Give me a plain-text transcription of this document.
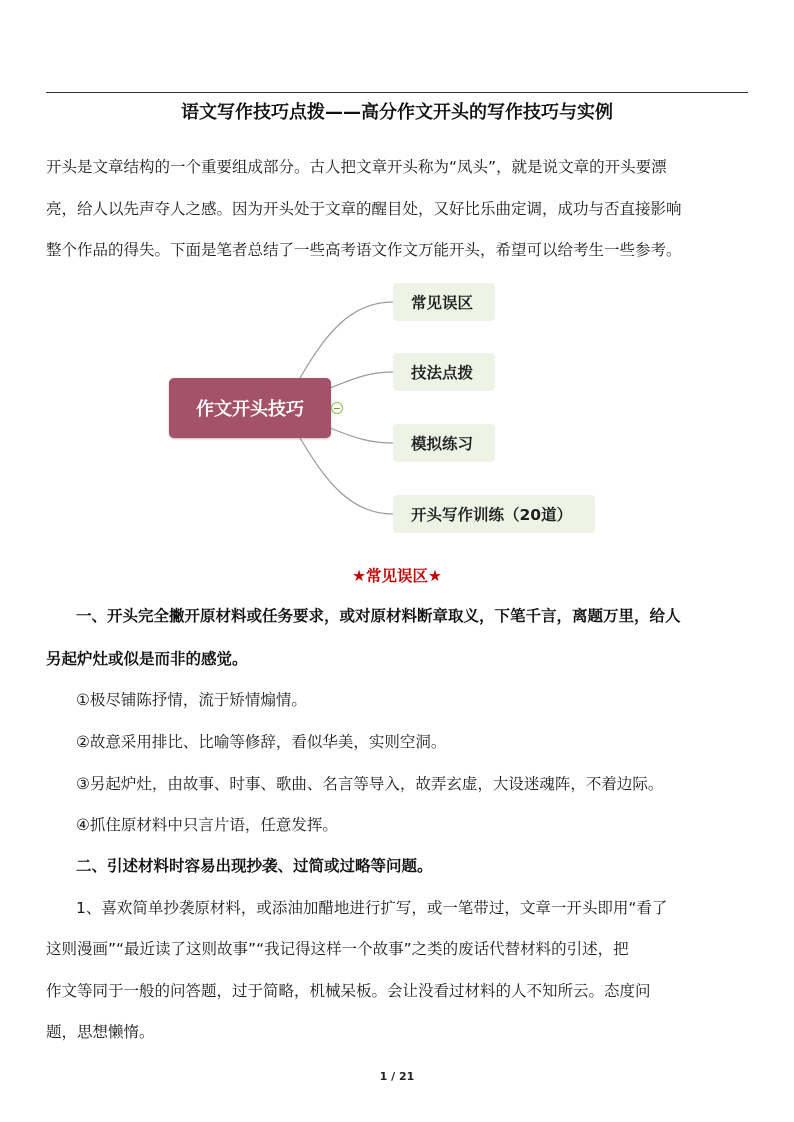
语文写作技巧点拨——高分作文开头的写作技巧与实例

开头是文章结构的一个重要组成部分。古人把文章开头称为“凤头”，就是说文章的开头要漂

亮，给人以先声夺人之感。因为开头处于文章的醒目处，又好比乐曲定调，成功与否直接影响

整个作品的得失。下面是笔者总结了一些高考语文作文万能开头，希望可以给考生一些参考。

作文开头技巧
常见误区
技法点拨
模拟练习
开头写作训练（20道）
★常见误区★
一、开头完全撇开原材料或任务要求，或对原材料断章取义，下笔千言，离题万里，给人
另起炉灶或似是而非的感觉。
①极尽铺陈抒情，流于矫情煽情。
②故意采用排比、比喻等修辞，看似华美，实则空洞。
③另起炉灶，由故事、时事、歌曲、名言等导入，故弄玄虚，大设迷魂阵，不着边际。
④抓住原材料中只言片语，任意发挥。
二、引述材料时容易出现抄袭、过简或过略等问题。
1、喜欢简单抄袭原材料，或添油加醋地进行扩写，或一笔带过，文章一开头即用“看了
这则漫画”“最近读了这则故事”“我记得这样一个故事”之类的废话代替材料的引述，把
作文等同于一般的问答题，过于简略，机械呆板。会让没看过材料的人不知所云。态度问
题，思想懒惰。
1 / 21
